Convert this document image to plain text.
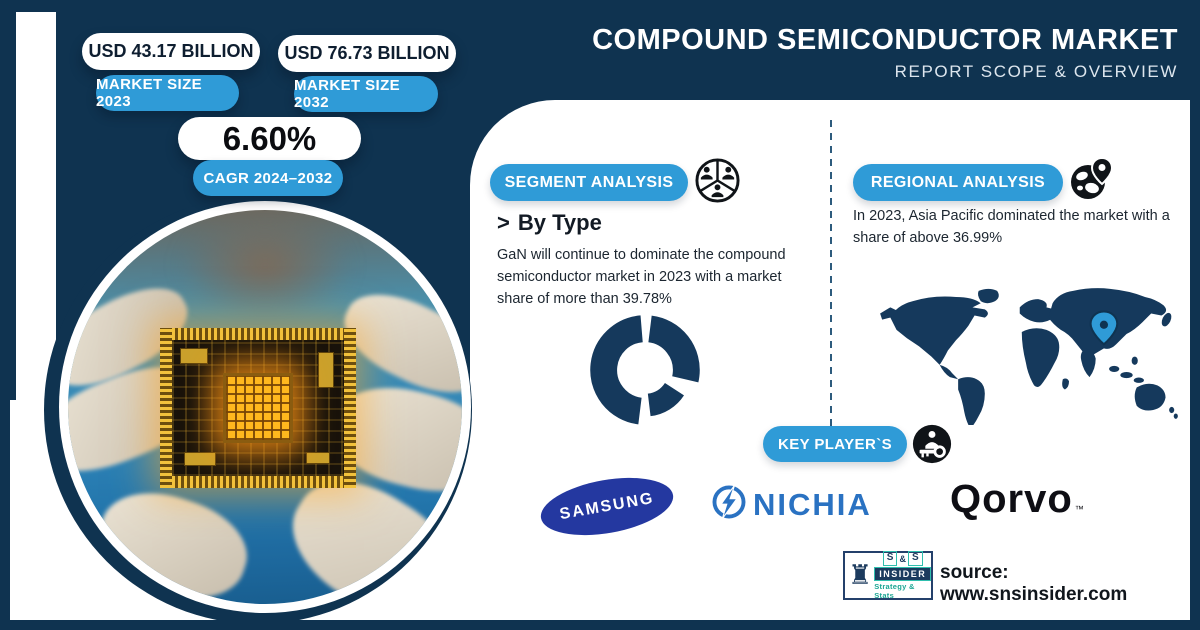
COMPOUND SEMICONDUCTOR MARKET
REPORT SCOPE & OVERVIEW
USD 43.17 BILLION
MARKET SIZE 2023
USD 76.73 BILLION
MARKET SIZE 2032
6.60%
CAGR 2024–2032	SEGMENT ANALYSIS
> By Type
GaN will continue to dominate the compound semiconductor market in 2023 with a market share of more than 39.78%
REGIONAL ANALYSIS
In 2023, Asia Pacific dominated the market with a share of above 36.99%
KEY PLAYER`S
SAMSUNG	NICHIA Qorvo ™
♜
S & S
INSIDER
Strategy & Stats
source: www.snsinsider.com
